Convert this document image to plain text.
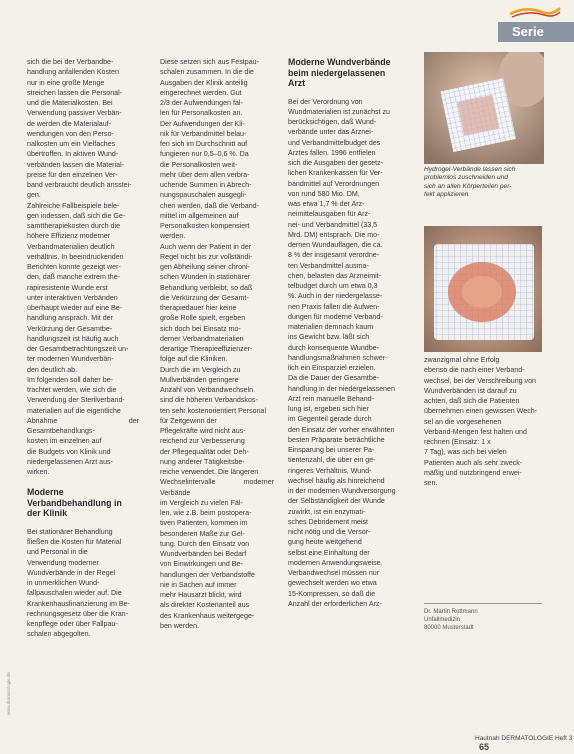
Serie

sich die bei der Verbandbe-
handlung anfallenden Kosten
nur in eine große Menge
streichen lassen die Personal-
und die Materialkosten. Bei
Verwendung passiver Verbän-
de werden die Materialauf-
wendungen von den Perso-
nalkosten um ein Vielfaches
übertroffen. In aktiven Wund-
verbänden lassen die Material-
preise für den einzelnen Ver-
band verbraucht deutlich ansstei-
gen.

Zahlreiche Fallbeispiele bele-
gen indessen, daß sich die Ge-
samttherapiekosten durch die
höhere Effizienz moderner
Verbandmaterialien deutlich
verhältnis. In beeindruckenden
Berichten konnte gezeigt wer-
den, daß manche extrem the-
rapiresistente Wunde erst
unter interaktiven Verbänden
überhaupt wieder auf eine Be-
handlung ansprach. Mit der
Verkürzung der Gesamtbe-
handlungszeit ist häufig auch
der Gesamtbetrachtungszeit un-
ter modernen Wundverbän-
den deutlich ab.

Im folgenden soll daher be-
trachtet werden, wie sich die
Verwendung der Sterilverband-
materialien auf die eigentliche
Abnahme der Gesamtbehandlungs-
kosten im einzelnen auf
die Budgets von Klinik und
niedergelassenen Arzt aus-
wirken.

Moderne
Verbandbehandlung in
der Klinik

Bei stationärer Behandlung
fließen die Kosten für Material
und Personal in die
Verwendung moderner
Wundverbände in der Regel
in unmerklichen Wund-
fallpauschalen wieder auf. Die
Krankenhausfinanzierung im Be-
rechnungsgesetz über die Kran-
kenpflege oder über Fallpau-
schalen abgegolten.

Diese setzen sich aus Festpau-
schalen zusammen. In die die
Ausgaben der Klinik anteilig
eingerechnet werden. Gut
2/3 der Aufwendungen fal-
len für Personalkosten an.
Der Aufwendungen der Kli-
nik für Verbandmittel belau-
fen sich im Durchschnitt auf
fungieren nur 0,5–0,6 %. Da
die Personalkosten weit-
mehr über dem allen verbra-
uchende Summen in Abrech-
nungspauschalen ausgegli-
chen werden, daß die Verband-
mittel im allgemeinen auf
Personalkosten kompensiert
werden.

Auch wenn der Patient in der
Regel nicht bis zur vollständi-
gen Abheilung seiner chroni-
schen Wunden in stationärer
Behandlung verbleibt, so daß
die Verkürzung der Gesamt-
therapiedauer hier keine
große Rolle spielt, ergeben
sich doch bei Einsatz mo-
derner Verbandmaterialien
derartige Therapieeffizienzer-
folge auf die Kliniken.
Durch die im Vergleich zu
Mullverbänden geringere
Anzahl von Verbandwechseln
sind die höheren Verbandskos-
ten sehr kostenorientiert Personal
für Zeitgewinn der
Pflegekräfte wird nicht aus-
reichend zur Verbesserung
der Pflegequalität oder Deh-
nung anderer Tätigkeitsbe-
reiche verwendet. Die längeren
Wechselintervalle moderner Verbände
im Vergleich zu vielen Fäl-
len, wie z.B. beim postopera-
tiven Patienten, kommen im
besonderen Maße zur Gel-
tung. Durch den Einsatz von
Wundverbänden bei Bedarf
von Einwirkungen und Be-
handlungen der Verbandstoffe
nie in Sachen auf immer
mehr Hausarzt blickt, wird
als direkter Kostenanteil aus
des Krankenhaus weitergege-
ben werden.

Moderne Wundverbände
beim niedergelassenen
Arzt

Bei der Verordnung von
Wundmaterialien ist zunächst zu
berücksichtigen, daß Wund-
verbände unter das Arznei-
und Verbandmittelbudget des
Arztes fallen. 1996 entfielen
sich die Ausgaben der gesetz-
lichen Krankenkassen für Ver-
bandmittel auf Verordnungen
von rund 580 Mio. DM,
was etwa 1,7 % der Arz-
neimittelausgaben für Arz-
nei- und Verbandmittel (33,5
Mrd. DM) entsprach. Die mo-
dernen Wundauflagen, die ca.
8 % der insgesamt verordne-
ten Verbandmittel ausma-
chen, belasten das Arzneimit-
telbudget durch um etwa 0,3
%. Auch in der niedergelasse-
nen Praxis fallen die Aufwen-
dungen für moderne Verband-
materialien demnach kaum
ins Gewicht bzw. läßt sich
durch konsequente Wundbe-
handlungsmaßnahmen schwer-
lich ein Einsparziel erzielen.

Da die Dauer der Gesamtbe-
handlung in der niedergelassenen
Arzt rein manuelle Behand-
lung ist, ergeben sich hier
im Gegenteil gerade durch
den Einsatz der vorher erwähnten
besten Präparate beträchtliche
Einsparung bei unserer Pa-
tientenzahl, die über ein ge-
ringeres Verhältnis, Wund-
wechsel häufig als hinreichend
in der modernen Wundversorgung
der Selbständigkeit der Wunde
zuwirkt, ist ein enzymati-
sches Debridement meist
nicht nötig und die Versor-
gung heute weitgehend
selbst eine Einhaltung der
modernen Anwendungsweise.
Verbandwechsel müssen nur
gewechselt werden wo etwa
15-Kompressen, so daß die
Anzahl der erforderlichen Arz-

Hydrogel-Verbände lassen sich
problemlos zuschneiden und
sich an allen Körperteilen per-
fekt applizieren

zwanzigmal ohne Erfolg
ebenso die nach einer Verband-
wechsel, bei der Verschreibung von
Wundverbänden ist darauf zu
achten, daß sich die Patienten
übernehmen einen gewissen Wech-
sel an die vorgesehenen
Verband-Mengen fest halten und
rechnen (Einsatz: 1 x
7 Tag), was sich bei vielen
Patienten auch als sehr zweck-
mäßig und nutzbringend erwei-
sen.

Dr. Martin Rottmann
Unfallmedizin
80000 Musterstadt

Hautnah DERMATOLOGIE Heft 3 65
www.dermatologie.de
